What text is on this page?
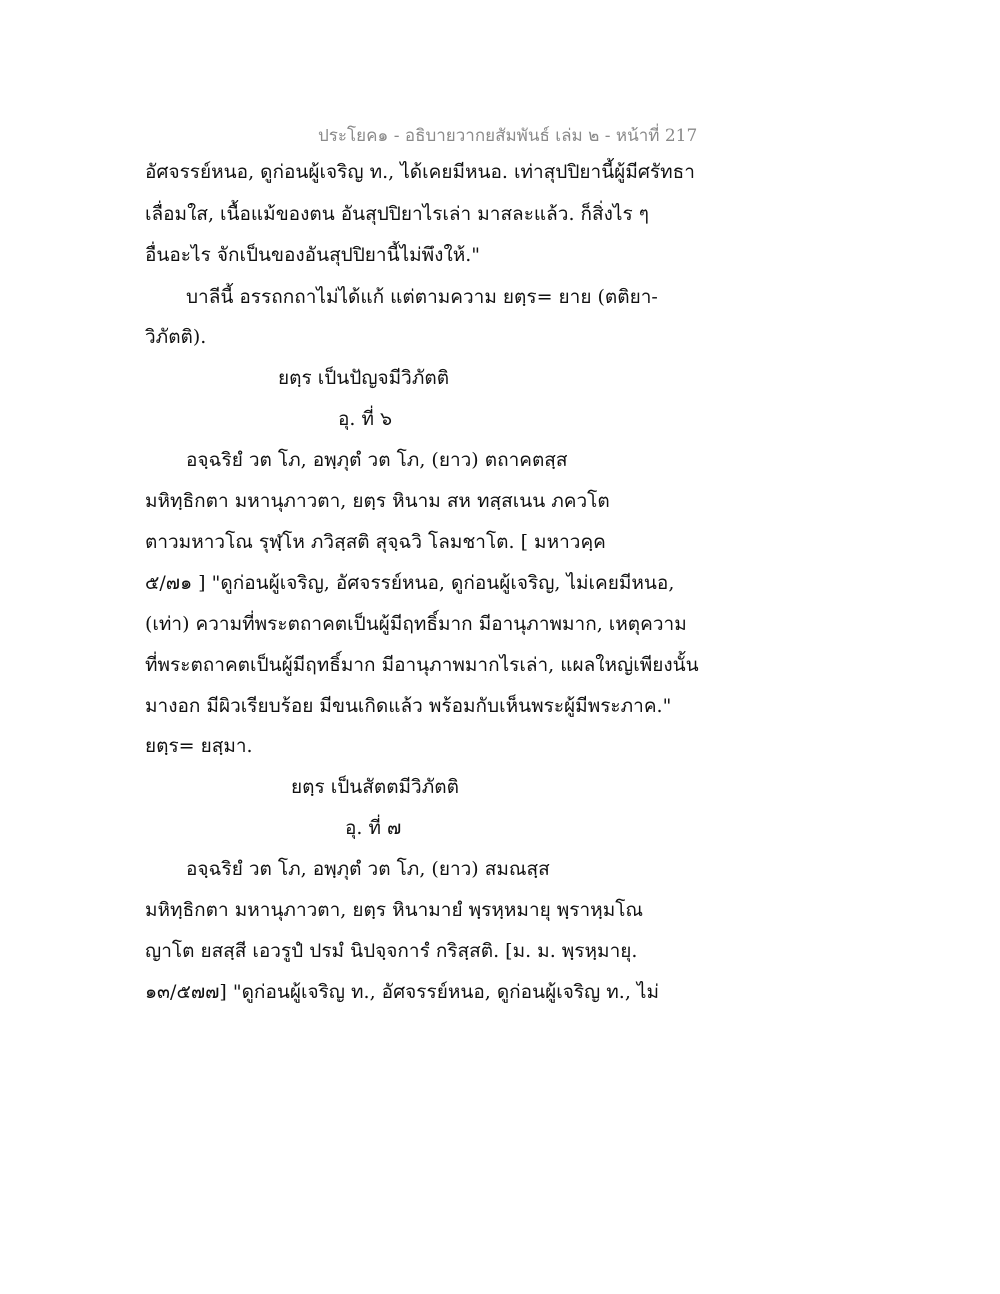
ประโยค๑ - อธิบายวากยสัมพันธ์ เล่ม ๒ - หน้าที่ 217
อัศจรรย์หนอ, ดูก่อนผู้เจริญ ท., ได้เคยมีหนอ. เท่าสุปปิยานี้ผู้มีศรัทธา
เลื่อมใส, เนื้อแม้ของตน อันสุปปิยาไรเล่า มาสละแล้ว. ก็สิ่งไร ๆ
อื่นอะไร จักเป็นของอันสุปปิยานี้ไม่พึงให้."
บาลีนี้ อรรถกถาไม่ได้แก้ แต่ตามความ ยตฺร= ยาย (ตติยา-
วิภัตติ).
ยตฺร เป็นปัญจมีวิภัตติ
อุ. ที่ ๖
อจฺฉริยํ วต โภ, อพฺภุตํ วต โภ, (ยาว) ตถาคตสฺส
มหิทฺธิกตา มหานุภาวตา, ยตฺร หินาม สห ทสฺสเนน ภควโต
ตาวมหาวโณ รุฬฺโห ภวิสฺสติ สุจฺฉวิ โลมชาโต. [ มหาวคฺค
๕/๗๑ ] "ดูก่อนผู้เจริญ, อัศจรรย์หนอ, ดูก่อนผู้เจริญ, ไม่เคยมีหนอ,
(เท่า) ความที่พระตถาคตเป็นผู้มีฤทธิ์มาก มีอานุภาพมาก, เหตุความ
ที่พระตถาคตเป็นผู้มีฤทธิ์มาก มีอานุภาพมากไรเล่า, แผลใหญ่เพียงนั้น
มางอก มีผิวเรียบร้อย มีขนเกิดแล้ว พร้อมกับเห็นพระผู้มีพระภาค."
ยตฺร= ยสฺมา.
ยตฺร เป็นสัตตมีวิภัตติ
อุ. ที่ ๗
อจฺฉริยํ วต โภ, อพฺภุตํ วต โภ, (ยาว) สมณสฺส
มหิทฺธิกตา มหานุภาวตา, ยตฺร หินามายํ พฺรหฺหมายุ พฺราหฺมโณ
ญาโต ยสสฺสี เอวรูปํ ปรมํ นิปจฺจการํ กริสฺสติ. [ม. ม. พฺรหฺมายุ.
๑๓/๕๗๗] "ดูก่อนผู้เจริญ ท., อัศจรรย์หนอ, ดูก่อนผู้เจริญ ท., ไม่
